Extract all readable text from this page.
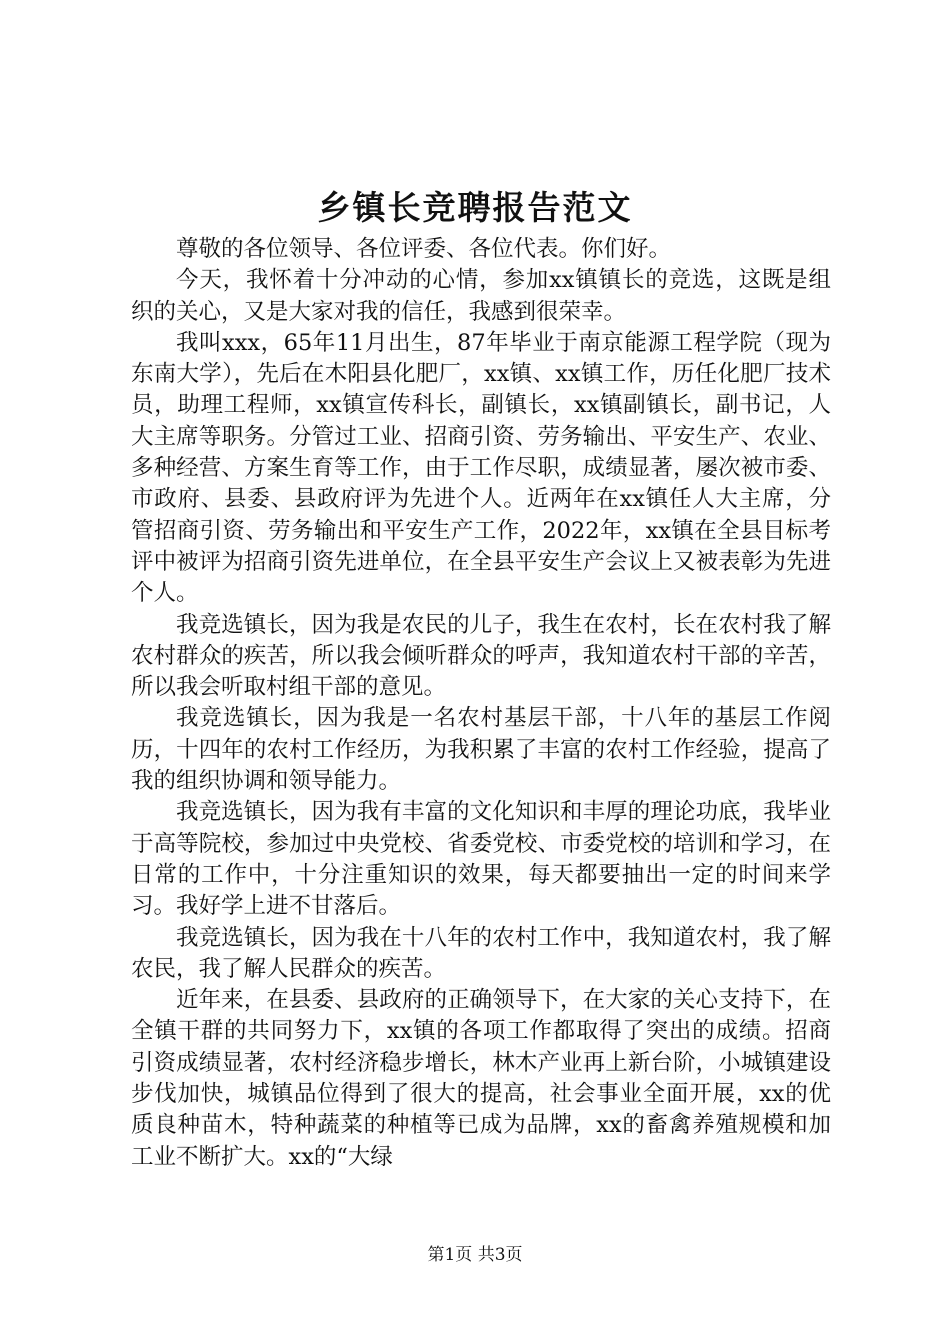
乡镇长竞聘报告范文

尊敬的各位领导、各位评委、各位代表。你们好。

今天，我怀着十分冲动的心情，参加xx镇镇长的竞选，这既是组织的关心，又是大家对我的信任，我感到很荣幸。

我叫xxx，65年11月出生，87年毕业于南京能源工程学院（现为东南大学），先后在木阳县化肥厂，xx镇、xx镇工作，历任化肥厂技术员，助理工程师，xx镇宣传科长，副镇长，xx镇副镇长，副书记，人大主席等职务。分管过工业、招商引资、劳务输出、平安生产、农业、多种经营、方案生育等工作，由于工作尽职，成绩显著，屡次被市委、市政府、县委、县政府评为先进个人。近两年在xx镇任人大主席，分管招商引资、劳务输出和平安生产工作，2022年，xx镇在全县目标考评中被评为招商引资先进单位，在全县平安生产会议上又被表彰为先进个人。

我竞选镇长，因为我是农民的儿子，我生在农村，长在农村我了解农村群众的疾苦，所以我会倾听群众的呼声，我知道农村干部的辛苦，所以我会听取村组干部的意见。

我竞选镇长，因为我是一名农村基层干部，十八年的基层工作阅历，十四年的农村工作经历，为我积累了丰富的农村工作经验，提高了我的组织协调和领导能力。

我竞选镇长，因为我有丰富的文化知识和丰厚的理论功底，我毕业于高等院校，参加过中央党校、省委党校、市委党校的培训和学习，在日常的工作中，十分注重知识的效果，每天都要抽出一定的时间来学习。我好学上进不甘落后。

我竞选镇长，因为我在十八年的农村工作中，我知道农村，我了解农民，我了解人民群众的疾苦。

近年来，在县委、县政府的正确领导下，在大家的关心支持下，在全镇干群的共同努力下，xx镇的各项工作都取得了突出的成绩。招商引资成绩显著，农村经济稳步增长，林木产业再上新台阶，小城镇建设步伐加快，城镇品位得到了很大的提高，社会事业全面开展，xx的优质良种苗木，特种蔬菜的种植等已成为品牌，xx的畜禽养殖规模和加工业不断扩大。xx的“大绿

第1页 共3页
